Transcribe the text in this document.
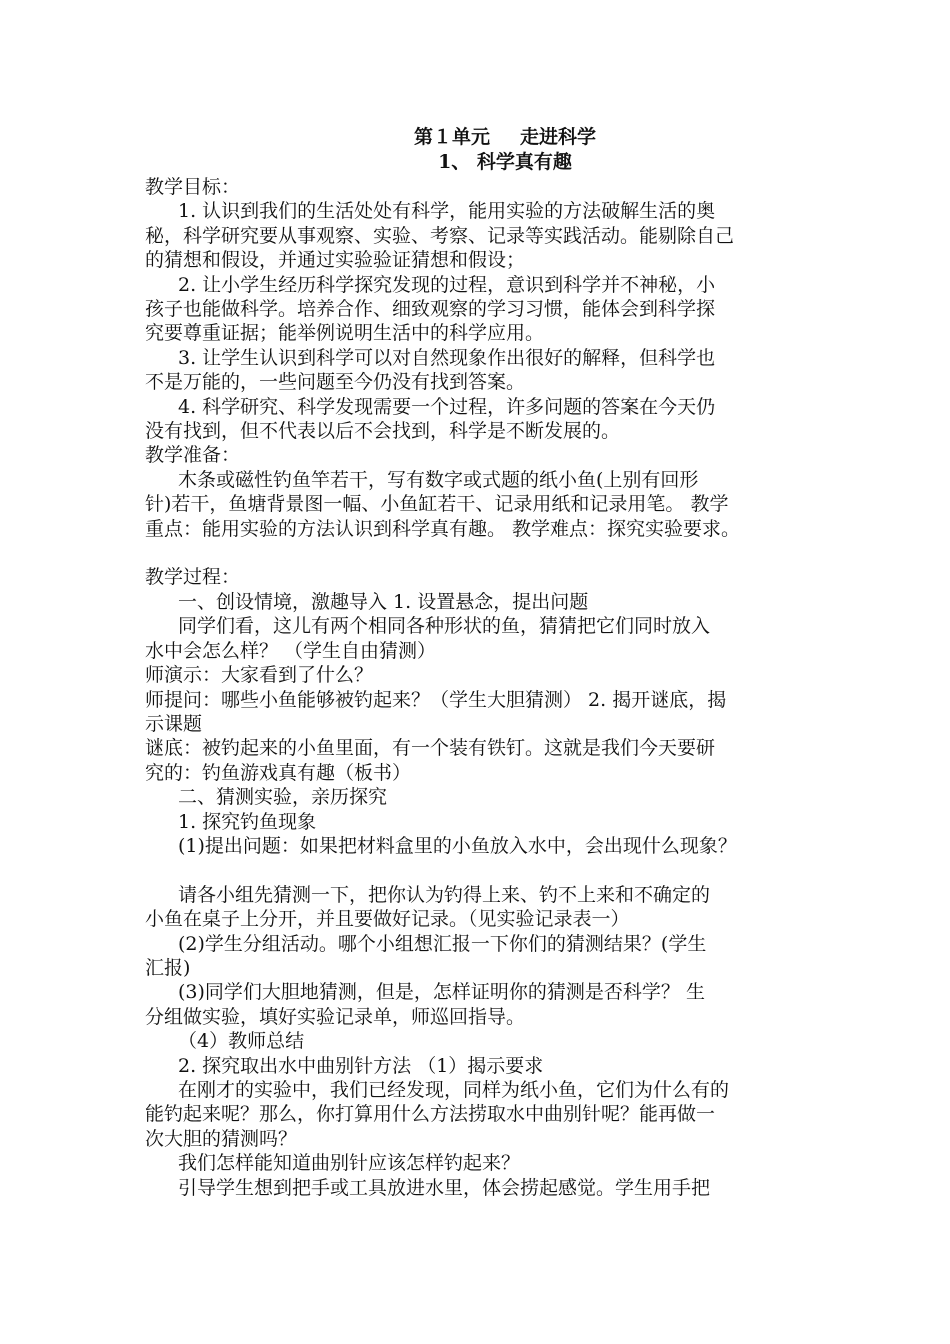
第１单元 走进科学
1、 科学真有趣
教学目标：
1. 认识到我们的生活处处有科学，能用实验的方法破解生活的奥
秘，科学研究要从事观察、实验、考察、记录等实践活动。能剔除自己
的猜想和假设，并通过实验验证猜想和假设；
2. 让小学生经历科学探究发现的过程，意识到科学并不神秘，小
孩子也能做科学。培养合作、细致观察的学习习惯，能体会到科学探
究要尊重证据；能举例说明生活中的科学应用。
3. 让学生认识到科学可以对自然现象作出很好的解释，但科学也
不是万能的，一些问题至今仍没有找到答案。
4. 科学研究、科学发现需要一个过程，许多问题的答案在今天仍
没有找到，但不代表以后不会找到，科学是不断发展的。
教学准备：
木条或磁性钓鱼竿若干，写有数字或式题的纸小鱼(上别有回形
针)若干，鱼塘背景图一幅、小鱼缸若干、记录用纸和记录用笔。 教学
重点：能用实验的方法认识到科学真有趣。 教学难点：探究实验要求。
教学过程：
一、创设情境，激趣导入 1. 设置悬念，提出问题
同学们看，这儿有两个相同各种形状的鱼，猜猜把它们同时放入
水中会怎么样？ （学生自由猜测）
师演示：大家看到了什么？
师提问：哪些小鱼能够被钓起来？（学生大胆猜测） 2. 揭开谜底，揭
示课题
谜底：被钓起来的小鱼里面，有一个装有铁钉。这就是我们今天要研
究的：钓鱼游戏真有趣（板书）
二、猜测实验，亲历探究
1. 探究钓鱼现象
(1)提出问题：如果把材料盒里的小鱼放入水中，会出现什么现象？
请各小组先猜测一下，把你认为钓得上来、钓不上来和不确定的
小鱼在桌子上分开，并且要做好记录。（见实验记录表一）
(2)学生分组活动。哪个小组想汇报一下你们的猜测结果？(学生
汇报)
(3)同学们大胆地猜测，但是，怎样证明你的猜测是否科学？ 生
分组做实验，填好实验记录单，师巡回指导。
（4）教师总结
2. 探究取出水中曲别针方法 （1）揭示要求
在刚才的实验中，我们已经发现，同样为纸小鱼，它们为什么有的
能钓起来呢？那么，你打算用什么方法捞取水中曲别针呢？能再做一
次大胆的猜测吗？
我们怎样能知道曲别针应该怎样钓起来？
引导学生想到把手或工具放进水里，体会捞起感觉。学生用手把
